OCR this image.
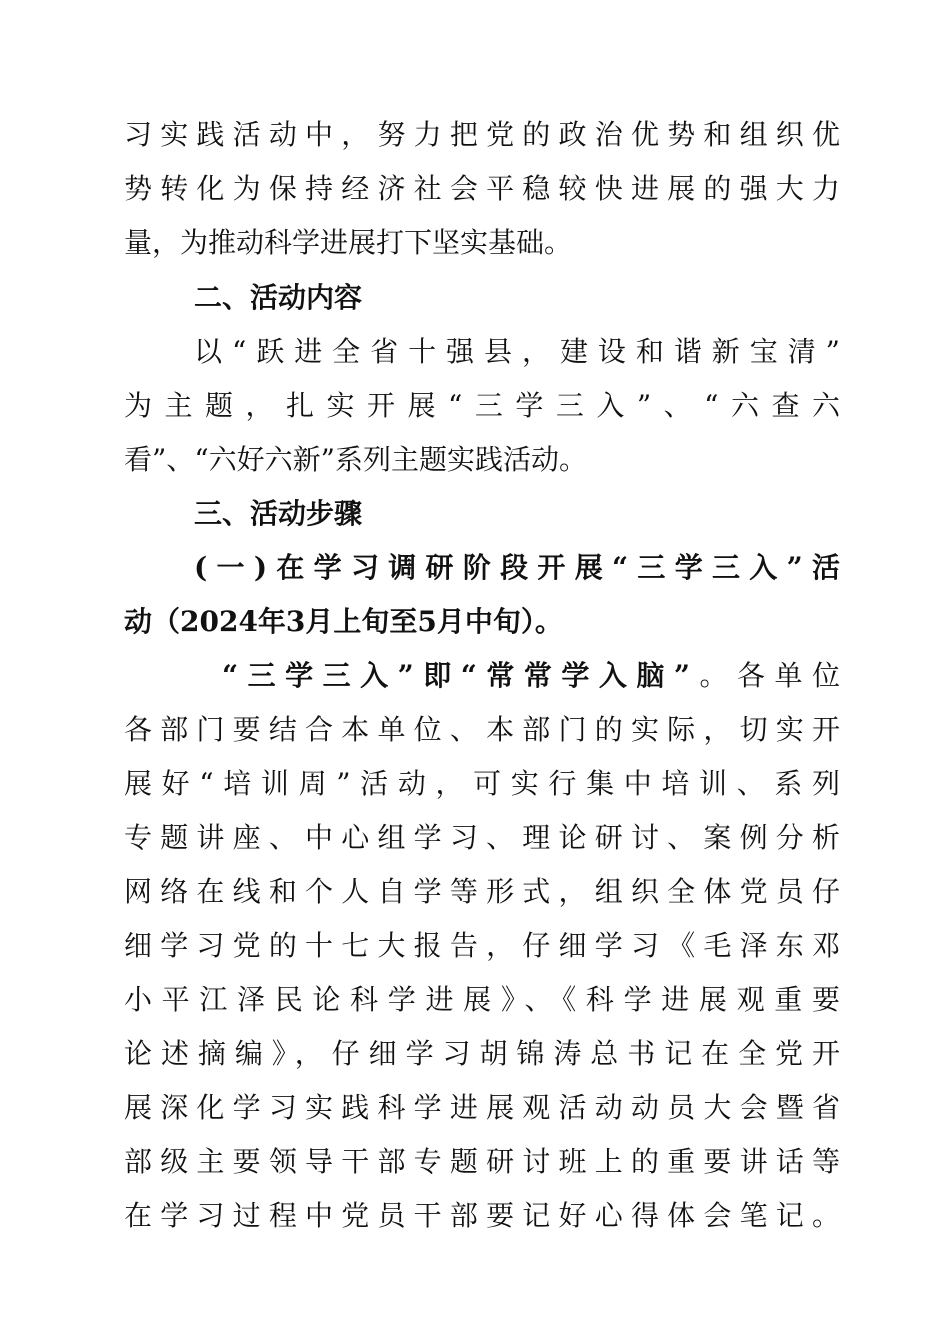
习实践活动中，努力把党的政治优势和组织优
势转化为保持经济社会平稳较快进展的强大力
量，为推动科学进展打下坚实基础。
二、活动内容
以“跃进全省十强县，建设和谐新宝清”
为主题，扎实开展“三学三入”、“六查六
看”、“六好六新”系列主题实践活动。
三、活动步骤
(一)在学习调研阶段开展“三学三入”活
动（2024年3月上旬至5月中旬）。
“三学三入”即“常常学入脑”。各单位
各部门要结合本单位、本部门的实际，切实开
展好“培训周”活动，可实行集中培训、系列
专题讲座、中心组学习、理论研讨、案例分析
网络在线和个人自学等形式，组织全体党员仔
细学习党的十七大报告，仔细学习《毛泽东邓
小平江泽民论科学进展》、《科学进展观重要
论述摘编》，仔细学习胡锦涛总书记在全党开
展深化学习实践科学进展观活动动员大会暨省
部级主要领导干部专题研讨班上的重要讲话等
在学习过程中党员干部要记好心得体会笔记。
